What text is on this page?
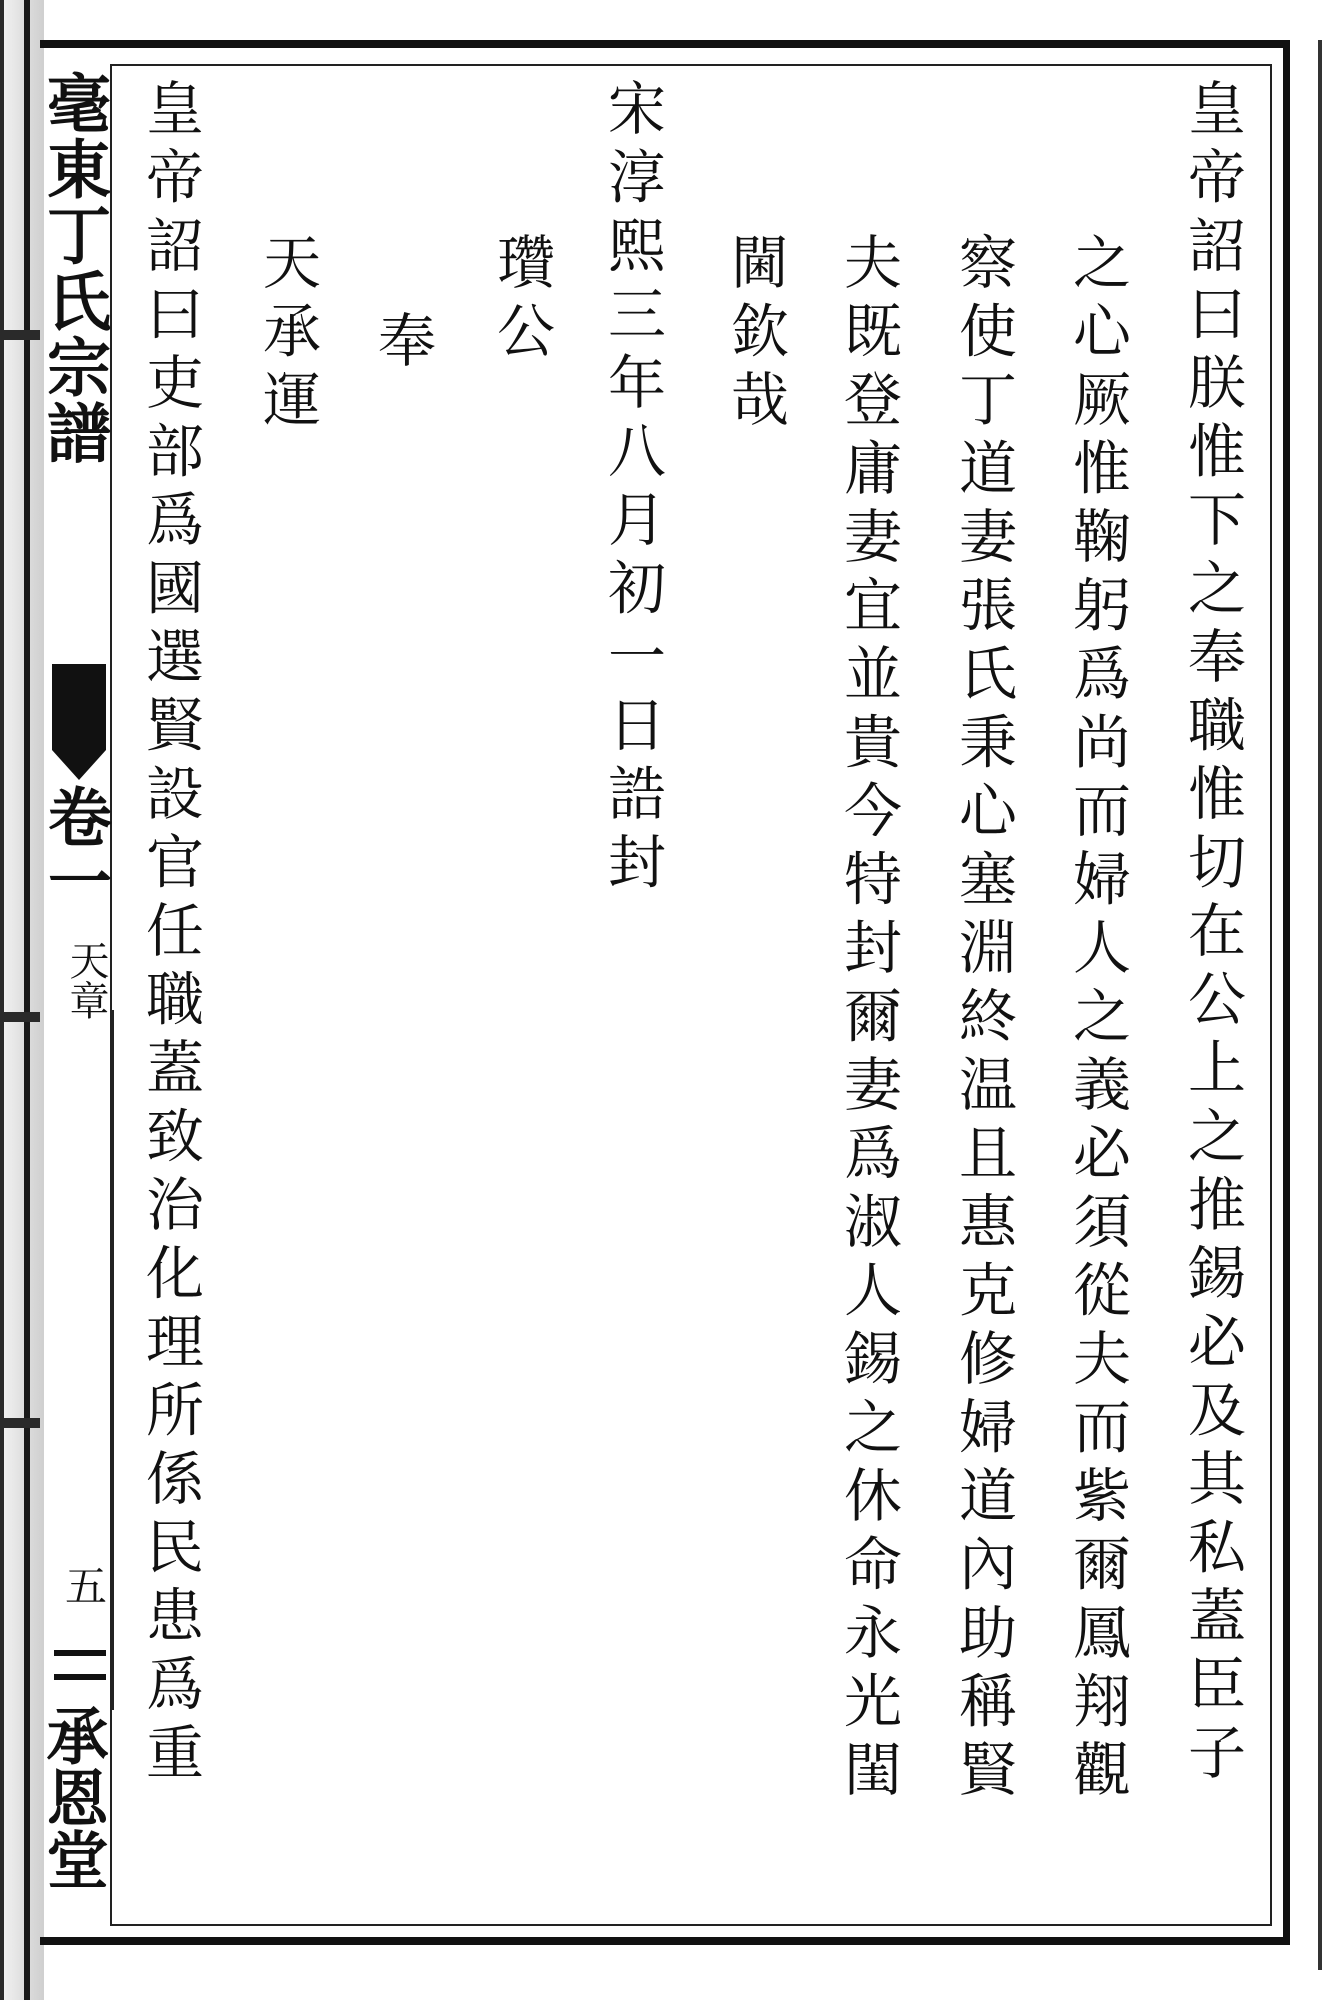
毫東丁氏宗譜
卷一
天章
五
承恩堂
皇帝詔曰朕惟下之奉職惟切在公上之推錫必及其私蓋臣子
之心厥惟鞠躬爲尚而婦人之義必須從夫而紫爾鳳翔觀
察使丁道妻張氏秉心塞淵終温且惠克修婦道內助稱賢
夫既登庸妻宜並貴今特封爾妻爲淑人錫之休命永光閨
閫欽哉
宋淳熙三年八月初一日誥封
瓚公
奉
天承運
皇帝詔曰吏部爲國選賢設官任職蓋致治化理所係民患爲重
